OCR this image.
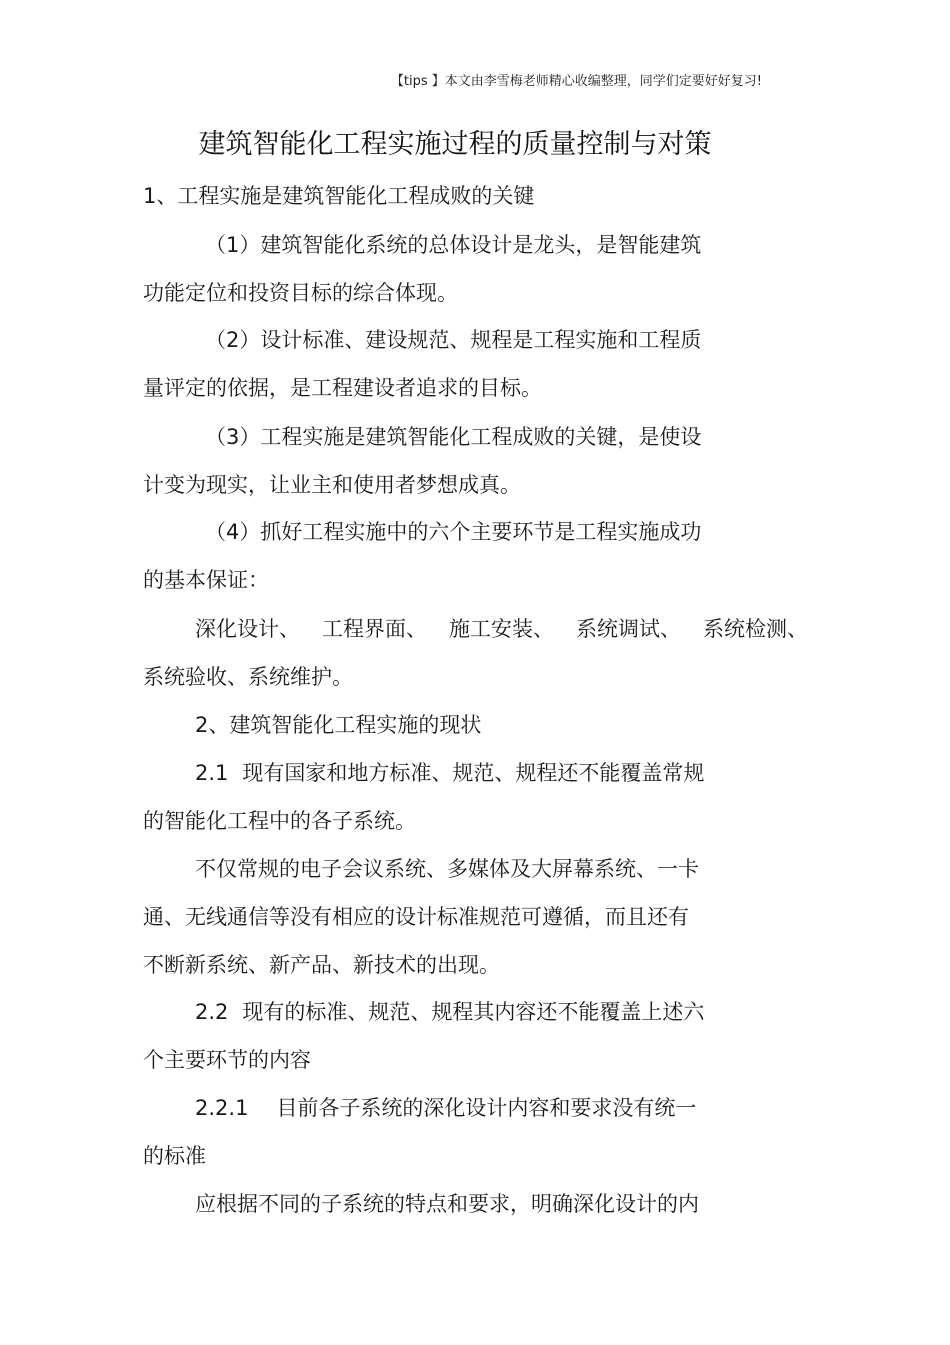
【tips 】本文由李雪梅老师精心收编整理，同学们定要好好复习!
建筑智能化工程实施过程的质量控制与对策
1、工程实施是建筑智能化工程成败的关键
（1）建筑智能化系统的总体设计是龙头，是智能建筑
功能定位和投资目标的综合体现。
（2）设计标准、建设规范、规程是工程实施和工程质
量评定的依据，是工程建设者追求的目标。
（3）工程实施是建筑智能化工程成败的关键，是使设
计变为现实，让业主和使用者梦想成真。
（4）抓好工程实施中的六个主要环节是工程实施成功
的基本保证：
深化设计、 工程界面、 施工安装、 系统调试、 系统检测、
系统验收、系统维护。
2、建筑智能化工程实施的现状
2.1 现有国家和地方标准、规范、规程还不能覆盖常规
的智能化工程中的各子系统。
不仅常规的电子会议系统、多媒体及大屏幕系统、一卡
通、无线通信等没有相应的设计标准规范可遵循，而且还有
不断新系统、新产品、新技术的出现。
2.2 现有的标准、规范、规程其内容还不能覆盖上述六
个主要环节的内容
2.2.1 目前各子系统的深化设计内容和要求没有统一
的标准
应根据不同的子系统的特点和要求，明确深化设计的内
